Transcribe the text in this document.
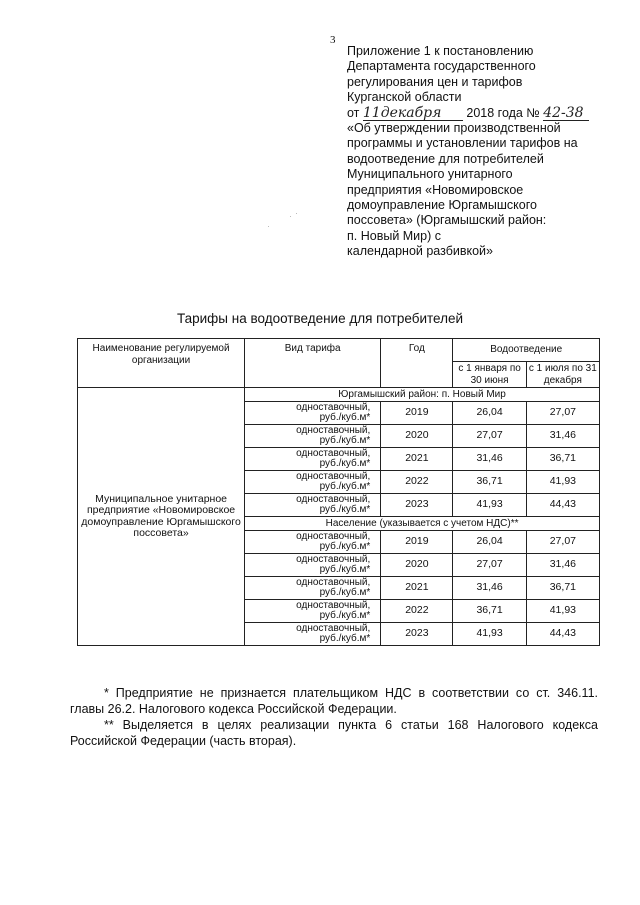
3
Приложение 1 к постановлению
Департамента государственного
регулирования цен и тарифов
Курганской области
от 11декабря 2018 года № 42-38
«Об утверждении производственной
программы и установлении тарифов на
водоотведение для потребителей
Муниципального унитарного
предприятия «Новомировское
домоуправление Юргамышского
поссовета» (Юргамышский район:
п. Новый Мир) с
календарной разбивкой»
Тарифы на водоотведение для потребителей
Наименование регулируемой организации	Вид тарифа	Год	Водоотведение	
			с 1 января по 30 июня	с 1 июля по 31 декабря
Муниципальное унитарное предприятие «Новомировское домоуправление Юргамышского поссовета»	Юргамышский район: п. Новый Мир			
	одноставочный,
руб./куб.м*	2019	26,04	27,07
	одноставочный,
руб./куб.м*	2020	27,07	31,46
	одноставочный,
руб./куб.м*	2021	31,46	36,71
	одноставочный,
руб./куб.м*	2022	36,71	41,93
	одноставочный,
руб./куб.м*	2023	41,93	44,43
	Население (указывается с учетом НДС)**			
	одноставочный,
руб./куб.м*	2019	26,04	27,07
	одноставочный,
руб./куб.м*	2020	27,07	31,46
	одноставочный,
руб./куб.м*	2021	31,46	36,71
	одноставочный,
руб./куб.м*	2022	36,71	41,93
	одноставочный,
руб./куб.м*	2023	41,93	44,43

* Предприятие не признается плательщиком НДС в соответствии со ст. 346.11. главы 26.2. Налогового кодекса Российской Федерации.

** Выделяется в целях реализации пункта 6 статьи 168 Налогового кодекса Российской Федерации (часть вторая).
